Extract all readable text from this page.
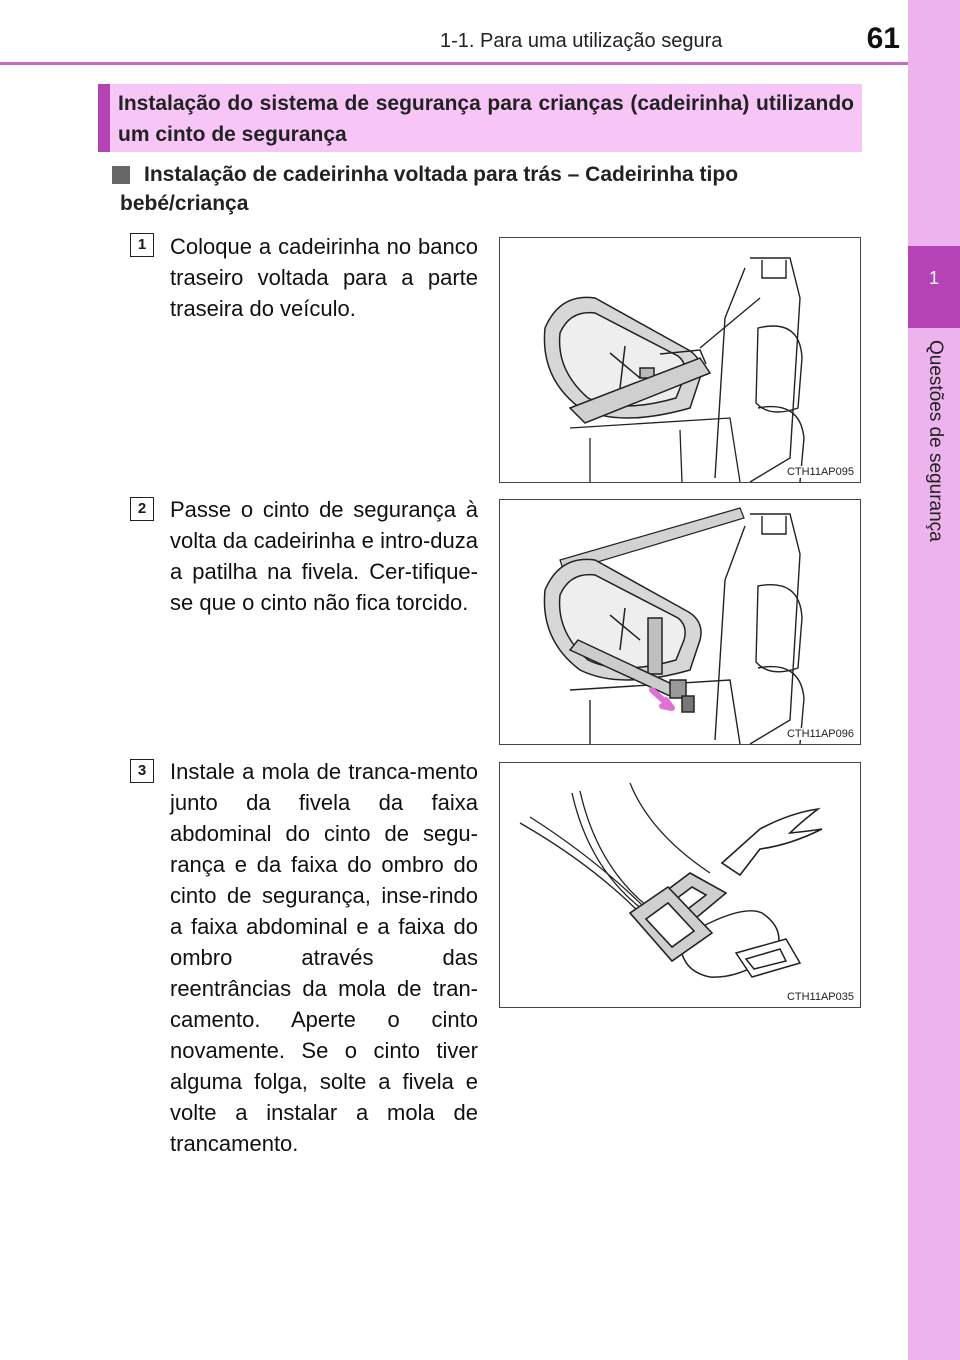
1-1. Para uma utilização segura	61
1
Questões de segurança
Instalação do sistema de segurança para crianças (cadeirinha) utilizando um cinto de segurança
Instalação de cadeirinha voltada para trás – Cadeirinha tipo
bebé/criança
1	Coloque a cadeirinha no banco traseiro voltada para a parte traseira do veículo.
CTH11AP095
2	Passe o cinto de segurança à volta da cadeirinha e intro-duza a patilha na fivela. Cer-tifique-se que o cinto não fica torcido.
CTH11AP096
3	Instale a mola de tranca-mento junto da fivela da faixa abdominal do cinto de segu-rança e da faixa do ombro do cinto de segurança, inse-rindo a faixa abdominal e a faixa do ombro através das reentrâncias da mola de tran-camento. Aperte o cinto novamente. Se o cinto tiver alguma folga, solte a fivela e volte a instalar a mola de trancamento.
CTH11AP035
